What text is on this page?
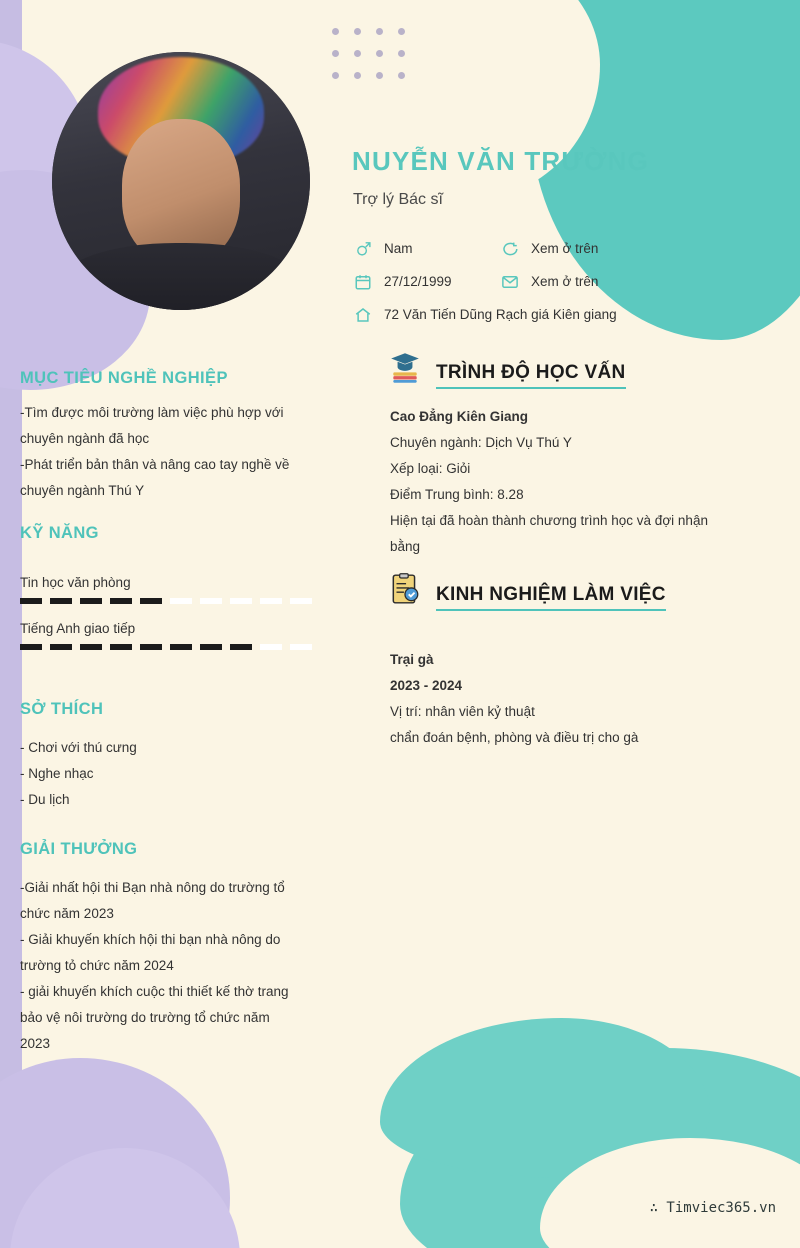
NUYỄN VĂN TRƯỜNG
Trợ lý Bác sĩ
Nam	Xem ở trên
27/12/1999	Xem ở trên
72 Văn Tiến Dũng Rạch giá Kiên giang
MỤC TIÊU NGHỀ NGHIỆP
-Tìm được môi trường làm việc phù hợp với
chuyên ngành đã học
-Phát triển bản thân và nâng cao tay nghề về
chuyên ngành Thú Y
KỸ NĂNG
Tin học văn phòng
Tiếng Anh giao tiếp
SỞ THÍCH
- Chơi với thú cưng
- Nghe nhạc
- Du lịch
GIẢI THƯỞNG
-Giải nhất hội thi Bạn nhà nông do trường tổ
chức năm 2023
- Giải khuyến khích hội thi bạn nhà nông do
trường tỏ chức năm 2024
- giải khuyến khích cuộc thi thiết kế thờ trang
bảo vệ nôi trường do trường tổ chức năm
2023
TRÌNH ĐỘ HỌC VẤN
Cao Đẳng Kiên Giang
Chuyên ngành: Dịch Vụ Thú Y
Xếp loại: Giỏi
Điểm Trung bình: 8.28
Hiện tại đã hoàn thành chương trình học và đợi nhận
bằng
KINH NGHIỆM LÀM VIỆC
Trại gà
2023 - 2024
Vị trí: nhân viên kỷ thuật
chẩn đoán bệnh, phòng và điều trị cho gà
∴ Timviec365.vn
